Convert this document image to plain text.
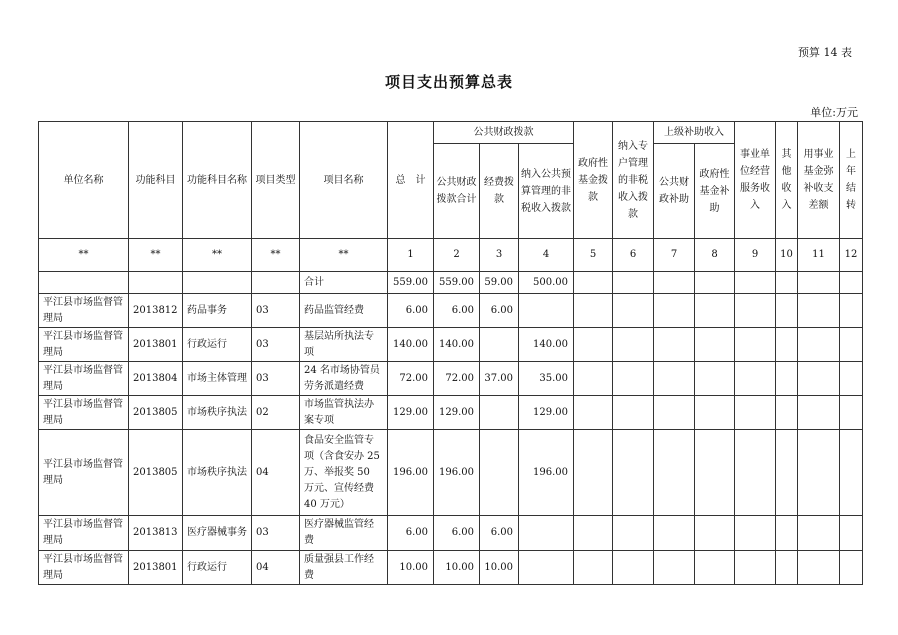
预算 14 表
项目支出预算总表
单位:万元
单位名称	功能科目	功能科目名称	项目类型	项目名称	总　计	公共财政拨款			政府性基金拨款	纳入专户管理的非税收入拨款	上级补助收入		事业单位经营服务收入	其他收入	用事业基金弥补收支差额	上年结转
						公共财政拨款合计	经费拨款	纳入公共预算管理的非税收入拨款			公共财政补助	政府性基金补助				
**	**	**	**	**	1	2	3	4	5	6	7	8	9	10	11	12
				合计	559.00	559.00	59.00	500.00								
平江县市场监督管理局	2013812	药品事务	03	药品监管经费	6.00	6.00	6.00									
平江县市场监督管理局	2013801	行政运行	03	基层站所执法专项	140.00	140.00		140.00								
平江县市场监督管理局	2013804	市场主体管理	03	24 名市场协管员劳务派遣经费	72.00	72.00	37.00	35.00								
平江县市场监督管理局	2013805	市场秩序执法	02	市场监管执法办案专项	129.00	129.00		129.00								
平江县市场监督管理局	2013805	市场秩序执法	04	食品安全监管专项（含食安办 25 万、举报奖 50 万元、宣传经费 40 万元）	196.00	196.00		196.00								
平江县市场监督管理局	2013813	医疗器械事务	03	医疗器械监管经费	6.00	6.00	6.00									
平江县市场监督管理局	2013801	行政运行	04	质量强县工作经费	10.00	10.00	10.00									
